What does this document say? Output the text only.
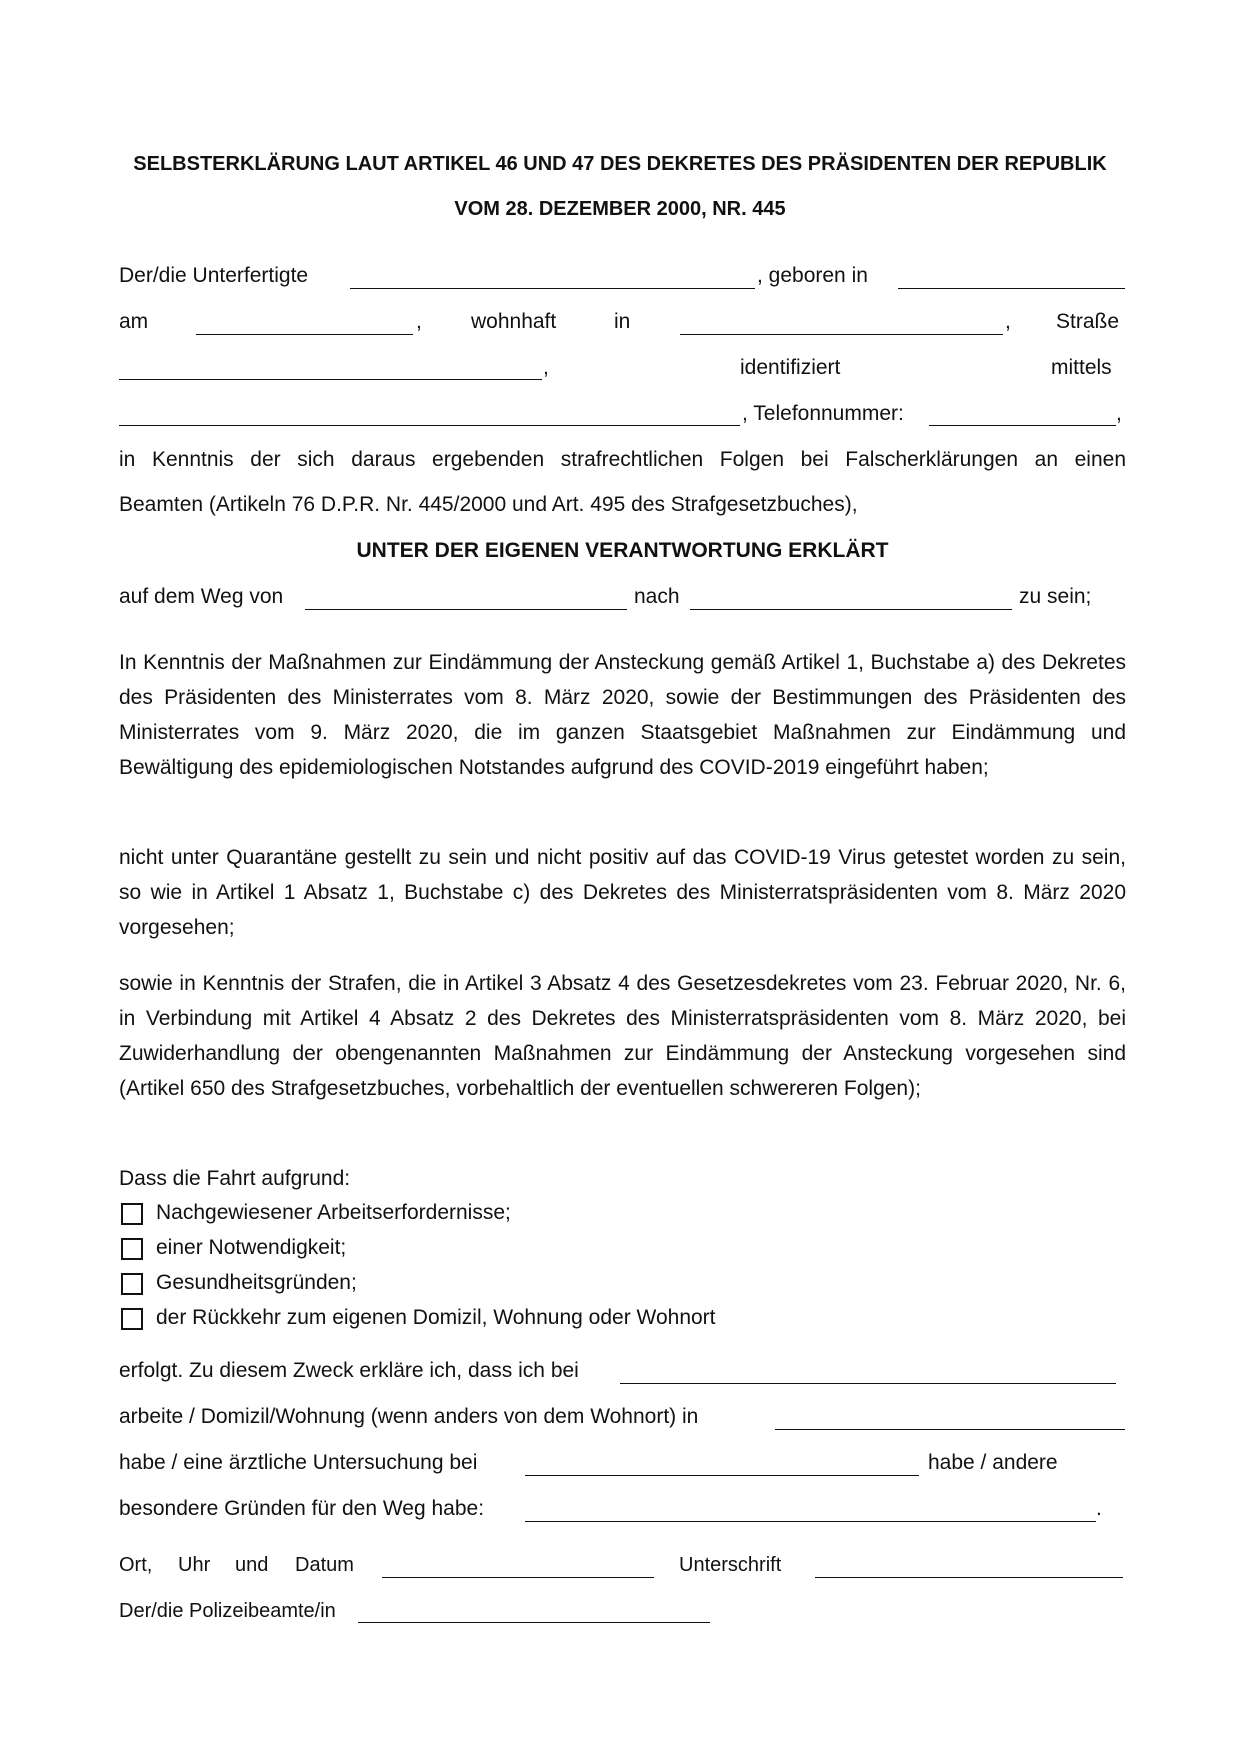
SELBSTERKLÄRUNG LAUT ARTIKEL 46 UND 47 DES DEKRETES DES PRÄSIDENTEN DER REPUBLIK
VOM 28. DEZEMBER 2000, NR. 445
Der/die Unterfertigte	, geboren in
am	, wohnhaft	in	, Straße
,	identifiziert	mittels
, Telefonnummer:	,
in Kenntnis der sich daraus ergebenden strafrechtlichen Folgen bei Falscherklärungen an einen
Beamten (Artikeln 76 D.P.R. Nr. 445/2000 und Art. 495 des Strafgesetzbuches),
UNTER DER EIGENEN VERANTWORTUNG ERKLÄRT
auf dem Weg von	nach	zu sein;
In Kenntnis der Maßnahmen zur Eindämmung der Ansteckung gemäß Artikel 1, Buchstabe a) des Dekretes des Präsidenten des Ministerrates vom 8. März 2020, sowie der Bestimmungen des Präsidenten des Ministerrates vom 9. März 2020, die im ganzen Staatsgebiet Maßnahmen zur Eindämmung und Bewältigung des epidemiologischen Notstandes aufgrund des COVID-2019 eingeführt haben;
nicht unter Quarantäne gestellt zu sein und nicht positiv auf das COVID-19 Virus getestet worden zu sein, so wie in Artikel 1 Absatz 1, Buchstabe c) des Dekretes des Ministerratspräsidenten vom 8. März 2020 vorgesehen;
sowie in Kenntnis der Strafen, die in Artikel 3 Absatz 4 des Gesetzesdekretes vom 23. Februar 2020, Nr. 6, in Verbindung mit Artikel 4 Absatz 2 des Dekretes des Ministerratspräsidenten vom 8. März 2020, bei Zuwiderhandlung der obengenannten Maßnahmen zur Eindämmung der Ansteckung vorgesehen sind (Artikel 650 des Strafgesetzbuches, vorbehaltlich der eventuellen schwereren Folgen);
Dass die Fahrt aufgrund:
Nachgewiesener Arbeitserfordernisse;
einer Notwendigkeit;
Gesundheitsgründen;
der Rückkehr zum eigenen Domizil, Wohnung oder Wohnort
erfolgt. Zu diesem Zweck erkläre ich, dass ich bei
arbeite / Domizil/Wohnung (wenn anders von dem Wohnort) in
habe / eine ärztliche Untersuchung bei	habe / andere
besondere Gründen für den Weg habe:	.
Ort, Uhr und Datum	Unterschrift
Der/die Polizeibeamte/in
